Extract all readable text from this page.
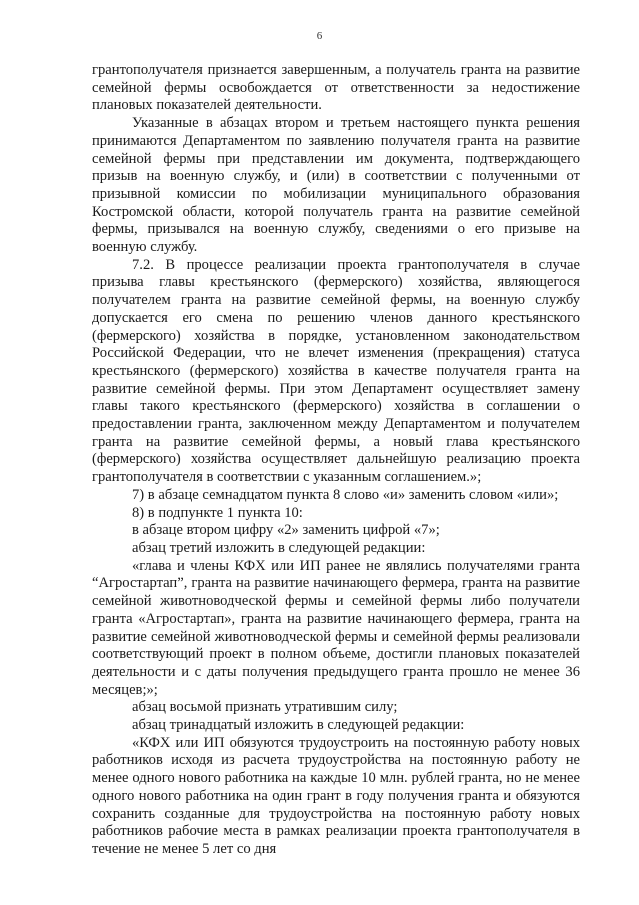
6

грантополучателя признается завершенным, а получатель гранта на развитие семейной фермы освобождается от ответственности за недостижение плановых показателей деятельности.

Указанные в абзацах втором и третьем настоящего пункта решения принимаются Департаментом по заявлению получателя гранта на развитие семейной фермы при представлении им документа, подтверждающего призыв на военную службу, и (или) в соответствии с полученными от призывной комиссии по мобилизации муниципального образования Костромской области, которой получатель гранта на развитие семейной фермы, призывался на военную службу, сведениями о его призыве на военную службу.

7.2. В процессе реализации проекта грантополучателя в случае призыва главы крестьянского (фермерского) хозяйства, являющегося получателем гранта на развитие семейной фермы, на военную службу допускается его смена по решению членов данного крестьянского (фермерского) хозяйства в порядке, установленном законодательством Российской Федерации, что не влечет изменения (прекращения) статуса крестьянского (фермерского) хозяйства в качестве получателя гранта на развитие семейной фермы. При этом Департамент осуществляет замену главы такого крестьянского (фермерского) хозяйства в соглашении о предоставлении гранта, заключенном между Департаментом и получателем гранта на развитие семейной фермы, а новый глава крестьянского (фермерского) хозяйства осуществляет дальнейшую реализацию проекта грантополучателя в соответствии с указанным соглашением.»;

7) в абзаце семнадцатом пункта 8 слово «и» заменить словом «или»;

8) в подпункте 1 пункта 10:

в абзаце втором цифру «2» заменить цифрой «7»;

абзац третий изложить в следующей редакции:

«глава и члены КФХ или ИП ранее не являлись получателями гранта “Агростартап”, гранта на развитие начинающего фермера, гранта на развитие семейной животноводческой фермы и семейной фермы либо получатели гранта «Агростартап», гранта на развитие начинающего фермера, гранта на развитие семейной животноводческой фермы и семейной фермы реализовали соответствующий проект в полном объеме, достигли плановых показателей деятельности и с даты получения предыдущего гранта прошло не менее 36 месяцев;»;

абзац восьмой признать утратившим силу;

абзац тринадцатый изложить в следующей редакции:

«КФХ или ИП обязуются трудоустроить на постоянную работу новых работников исходя из расчета трудоустройства на постоянную работу не менее одного нового работника на каждые 10 млн. рублей гранта, но не менее одного нового работника на один грант в году получения гранта и обязуются сохранить созданные для трудоустройства на постоянную работу новых работников рабочие места в рамках реализации проекта грантополучателя в течение не менее 5 лет со дня
